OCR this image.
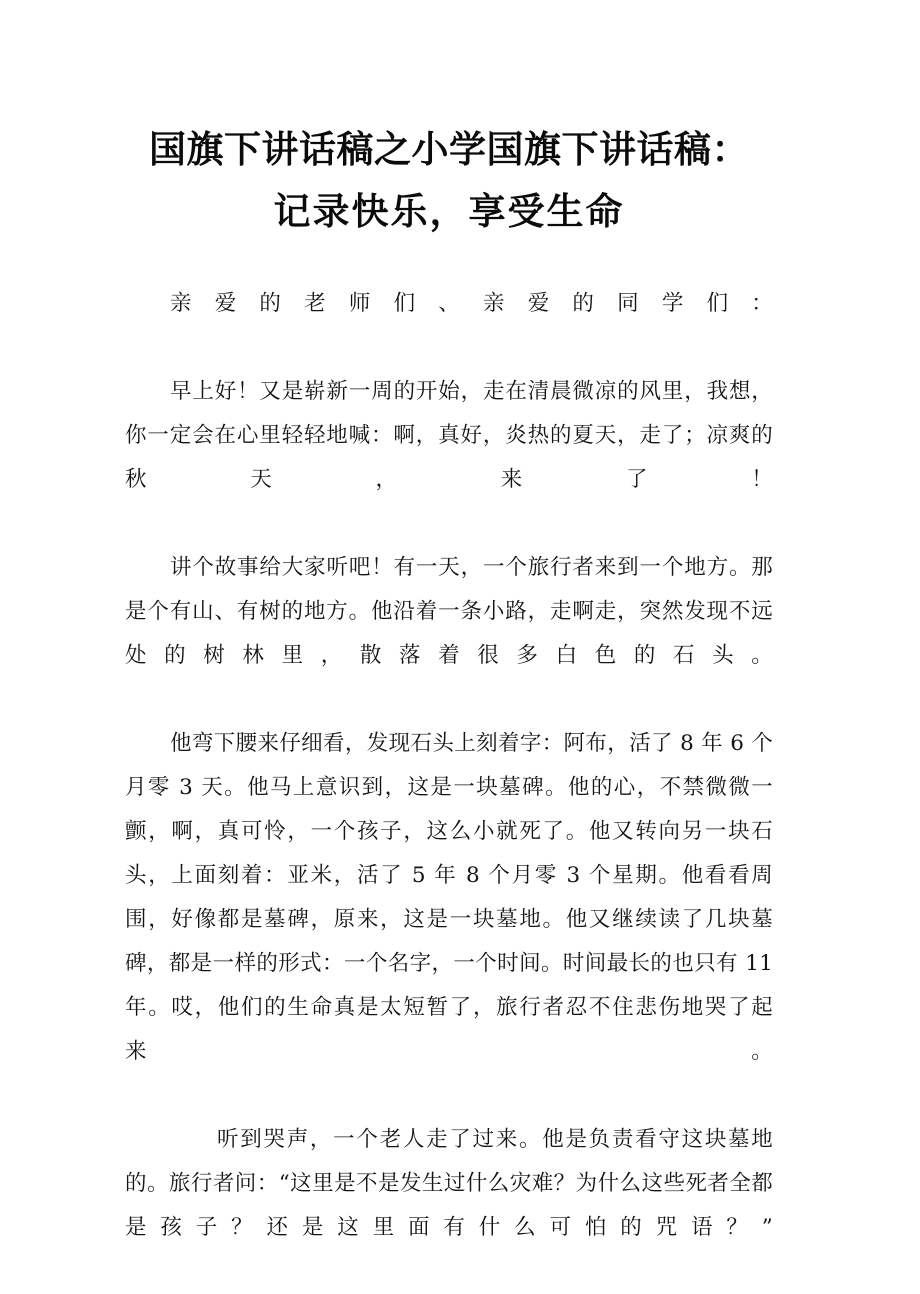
国旗下讲话稿之小学国旗下讲话稿：
记录快乐，享受生命

亲爱的老师们、亲爱的同学们：

早上好！又是崭新一周的开始，走在清晨微凉的风里，我想，你一定会在心里轻轻地喊：啊，真好，炎热的夏天，走了；凉爽的秋天，来了！

讲个故事给大家听吧！有一天，一个旅行者来到一个地方。那是个有山、有树的地方。他沿着一条小路，走啊走，突然发现不远处的树林里，散落着很多白色的石头。

他弯下腰来仔细看，发现石头上刻着字：阿布，活了 8 年 6 个月零 3 天。他马上意识到，这是一块墓碑。他的心，不禁微微一颤，啊，真可怜，一个孩子，这么小就死了。他又转向另一块石头，上面刻着：亚米，活了 5 年 8 个月零 3 个星期。他看看周围，好像都是墓碑，原来，这是一块墓地。他又继续读了几块墓碑，都是一样的形式：一个名字，一个时间。时间最长的也只有 11 年。哎，他们的生命真是太短暂了，旅行者忍不住悲伤地哭了起来。

听到哭声，一个老人走了过来。他是负责看守这块墓地的。旅行者问：“这里是不是发生过什么灾难？为什么这些死者全都是孩子？还是这里面有什么可怕的咒语？”
